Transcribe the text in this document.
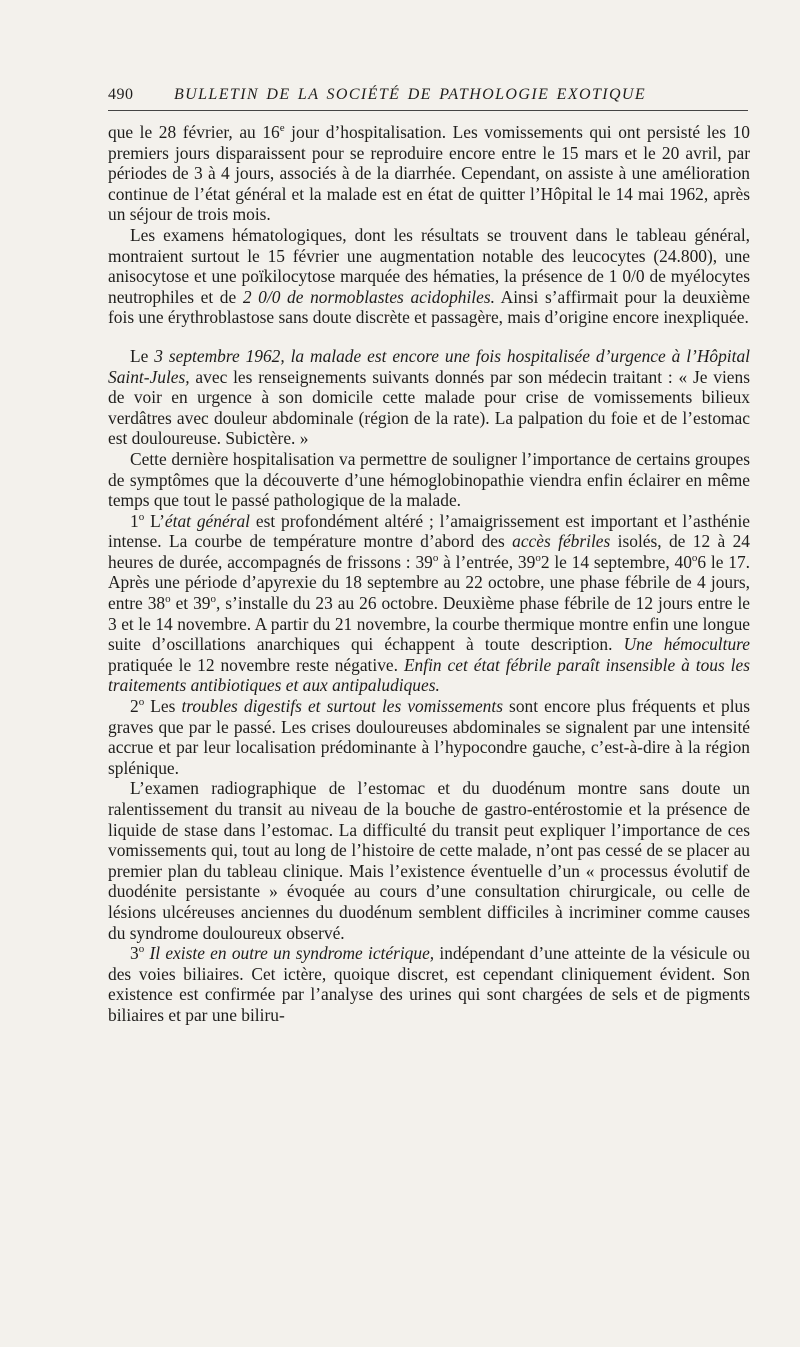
490	BULLETIN DE LA SOCIÉTÉ DE PATHOLOGIE EXOTIQUE

que le 28 février, au 16e jour d’hospitalisation. Les vomissements qui ont persisté les 10 premiers jours disparaissent pour se reproduire encore entre le 15 mars et le 20 avril, par périodes de 3 à 4 jours, associés à de la diarrhée. Cependant, on assiste à une amélioration continue de l’état général et la malade est en état de quitter l’Hôpital le 14 mai 1962, après un séjour de trois mois.

Les examens hématologiques, dont les résultats se trouvent dans le tableau général, montraient surtout le 15 février une augmentation notable des leucocytes (24.800), une anisocytose et une poïkilocytose marquée des hématies, la présence de 1 0/0 de myélocytes neutrophiles et de 2 0/0 de normoblastes acidophiles. Ainsi s’affirmait pour la deuxième fois une érythroblastose sans doute discrète et passagère, mais d’origine encore inexpliquée.

Le 3 septembre 1962, la malade est encore une fois hospitalisée d’urgence à l’Hôpital Saint-Jules, avec les renseignements suivants donnés par son médecin traitant : « Je viens de voir en urgence à son domicile cette malade pour crise de vomissements bilieux verdâtres avec douleur abdominale (région de la rate). La palpation du foie et de l’estomac est douloureuse. Subictère. »

Cette dernière hospitalisation va permettre de souligner l’importance de certains groupes de symptômes que la découverte d’une hémoglobinopathie viendra enfin éclairer en même temps que tout le passé pathologique de la malade.

1$^o$ L’état général est profondément altéré ; l’amaigrissement est important et l’asthénie intense. La courbe de température montre d’abord des accès fébriles isolés, de 12 à 24 heures de durée, accompagnés de frissons : 39$^o$ à l’entrée, 39$^o$2 le 14 septembre, 40$^o$6 le 17. Après une période d’apyrexie du 18 septembre au 22 octobre, une phase fébrile de 4 jours, entre 38$^o$ et 39$^o$, s’installe du 23 au 26 octobre. Deuxième phase fébrile de 12 jours entre le 3 et le 14 novembre. A partir du 21 novembre, la courbe thermique montre enfin une longue suite d’oscillations anarchiques qui échappent à toute description. Une hémoculture pratiquée le 12 novembre reste négative. Enfin cet état fébrile paraît insensible à tous les traitements antibiotiques et aux antipaludiques.

2$^o$ Les troubles digestifs et surtout les vomissements sont encore plus fréquents et plus graves que par le passé. Les crises douloureuses abdominales se signalent par une intensité accrue et par leur localisation prédominante à l’hypocondre gauche, c’est-à-dire à la région splénique.

L’examen radiographique de l’estomac et du duodénum montre sans doute un ralentissement du transit au niveau de la bouche de gastro-entérostomie et la présence de liquide de stase dans l’estomac. La difficulté du transit peut expliquer l’importance de ces vomissements qui, tout au long de l’histoire de cette malade, n’ont pas cessé de se placer au premier plan du tableau clinique. Mais l’existence éventuelle d’un « processus évolutif de duodénite persistante » évoquée au cours d’une consultation chirurgicale, ou celle de lésions ulcéreuses anciennes du duodénum semblent difficiles à incriminer comme causes du syndrome douloureux observé.

3$^o$ Il existe en outre un syndrome ictérique, indépendant d’une atteinte de la vésicule ou des voies biliaires. Cet ictère, quoique discret, est cependant cliniquement évident. Son existence est confirmée par l’analyse des urines qui sont chargées de sels et de pigments biliaires et par une biliru-
